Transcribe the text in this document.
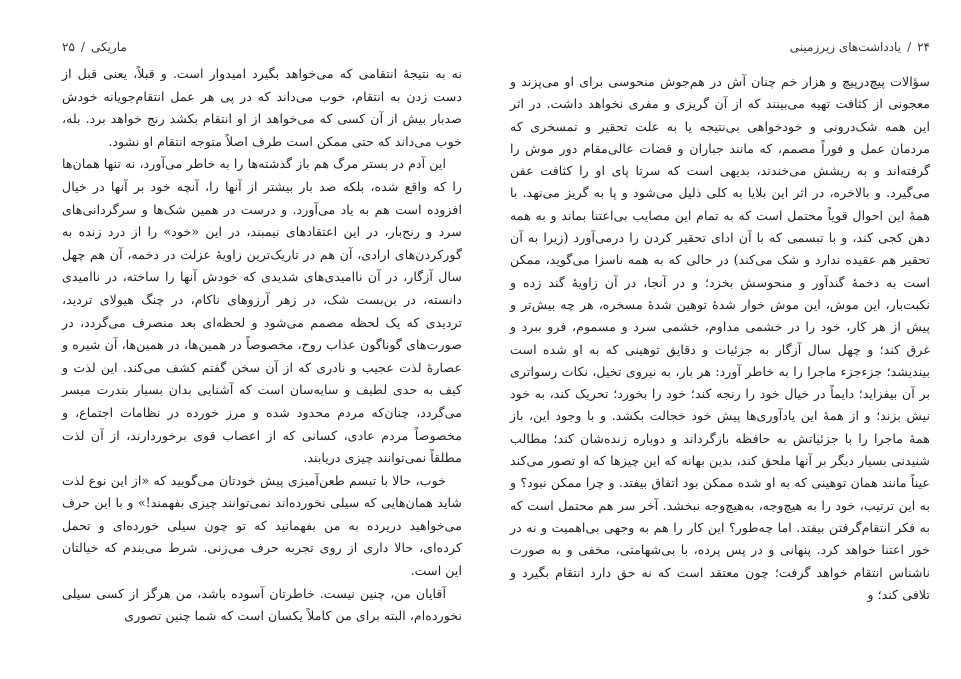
ماریکی/۲۵

نه به نتیجهٔ انتقامی که می‌خواهد بگیرد امیدوار است. و قبلاً، یعنی قبل از دست زدن به انتقام، خوب می‌داند که در پی هر عمل انتقام‌جویانه خودش صدبار بیش از آن کسی که می‌خواهد از او انتقام بکشد رنج خواهد برد. بله، خوب می‌داند که حتی ممکن است طرف اصلاً متوجه انتقام او نشود.

این آدم در بستر مرگ هم باز گذشته‌ها را به خاطر می‌آورد، نه تنها همان‌ها را که واقع شده، بلکه صد بار بیشتر از آنها را، آنچه خود بر آنها در خیال افزوده است هم به یاد می‌آورد. و درست در همین شک‌ها و سرگردانی‌های سرد و رنج‌بار، در این اعتقادهای نیمبند، در این «خود» را از درد زنده به گورکردن‌های ارادی، آن هم در تاریک‌ترین زاویهٔ عزلت در دخمه، آن هم چهل سال آزگار، در آن ناامیدی‌های شدیدی که خودش آنها را ساخته، در ناامیدی دانسته، در بن‌بست شک، در زهر آرزوهای ناکام، در چنگ هیولای تردید، تردیدی که یک لحظه مصمم می‌شود و لحظه‌ای بعد منصرف می‌گردد، در صورت‌های گوناگون عذاب روح، مخصوصاً در همین‌ها، در همین‌ها، آن شیره و عصارهٔ لذت عجیب و نادری که از آن سخن گفتم کشف می‌کند. این لذت و کیف به حدی لطیف و سایه‌سان است که آشنایی بدان بسیار بندرت میسر می‌گردد، چنان‌که مردم محدود شده و مرز خورده در نظامات اجتماع، و مخصوصاً مردم عادی، کسانی که از اعصاب قوی برخوردارند، از آن لذت مطلقاً نمی‌توانند چیزی دریابند.

خوب، حالا با تبسم طعن‌آمیزی پیش خودتان می‌گویید که «از این نوع لذت شاید همان‌هایی که سیلی نخورده‌اند نمی‌توانند چیزی بفهمند!» و با این حرف می‌خواهید دریرده به من بفهمانید که تو چون سیلی خورده‌ای و تحمل کرده‌ای، حالا داری از روی تجربه حرف می‌زنی. شرط می‌بندم که خیالتان این است.

آقایان من، چنین نیست. خاطرتان آسوده باشد، من هرگز از کسی سیلی نخورده‌ام، البته برای من کاملاً یکسان است که شما چنین تصوری

۲۴/یادداشت‌های زیرزمینی

سؤالات پیچ‌درپیچ و هزار خم چنان آش در هم‌جوش منحوسی برای او می‌پزند و معجونی از کثافت تهیه می‌بینند که از آن گریزی و مفری نخواهد داشت. در اثر این همه شک‌درونی و خودخواهی بی‌نتیجه یا به علت تحقیر و تمسخری که مردمان عمل و فوراً مصمم، که مانند جباران و قضات عالی‌مقام دور موش را گرفته‌اند و به ریشش می‌خندند، بدیهی است که سرتا پای او را کثافت عفن می‌گیرد. و بالاخره، در اثر این بلایا به کلی ذلیل می‌شود و پا به گریز می‌نهد. با همهٔ این احوال قویاً محتمل است که به تمام این مصایب بی‌اعتنا بماند و به همه دهن کجی کند، و با تبسمی که با آن ادای تحقیر کردن را درمی‌آورد (زیرا به آن تحقیر هم عقیده ندارد و شک می‌کند) در حالی که به همه ناسزا می‌گوید، ممکن است به دخمهٔ گندآور و منحوسش بخزد؛ و در آنجا، در آن زاویهٔ گند زده و نکبت‌بار، این موش، این موش خوار شدهٔ توهین شدهٔ مسخره، هر چه بیش‌تر و پیش از هر کار، خود را در خشمی مداوم، خشمی سرد و مسموم، فرو ببرد و غرق کند؛ و چهل سال آزگار به جزئیات و دقایق توهینی که به او شده است بیندیشد؛ جزءجزء ماجرا را به خاطر آورد: هر بار، به نیروی تخیل، نکات رسواتری بر آن بیفزاید؛ دایماً در خیال خود را رنجه کند؛ خود را بخورد؛ تحریک کند، به خود نیش بزند؛ و از همهٔ این یادآوری‌ها پیش خود خجالت بکشد. و با وجود این، باز همهٔ ماجرا را با جزئیاتش به حافظه بازگرداند و دوباره زنده‌شان کند؛ مطالب شنیدنی بسیار دیگر بر آنها ملحق کند، بدین بهانه که این چیزها که او تصور می‌کند عیناً مانند همان توهینی که به او شده ممکن بود اتفاق بیفتد. و چرا ممکن نبود؟ و به این ترتیب، خود را به هیچ‌وجه، به‌هیچ‌وجه نبخشد. آخر سر هم محتمل است که به فکر انتقام‌گرفتن بیفتد. اما چه‌طور؟ این کار را هم به وجهی بی‌اهمیت و نه در خور اعتنا خواهد کرد. پنهانی و در پس پرده، با بی‌شهامتی، مخفی و به صورت ناشناس انتقام خواهد گرفت؛ چون معتقد است که نه حق دارد انتقام بگیرد و تلافی کند؛ و
